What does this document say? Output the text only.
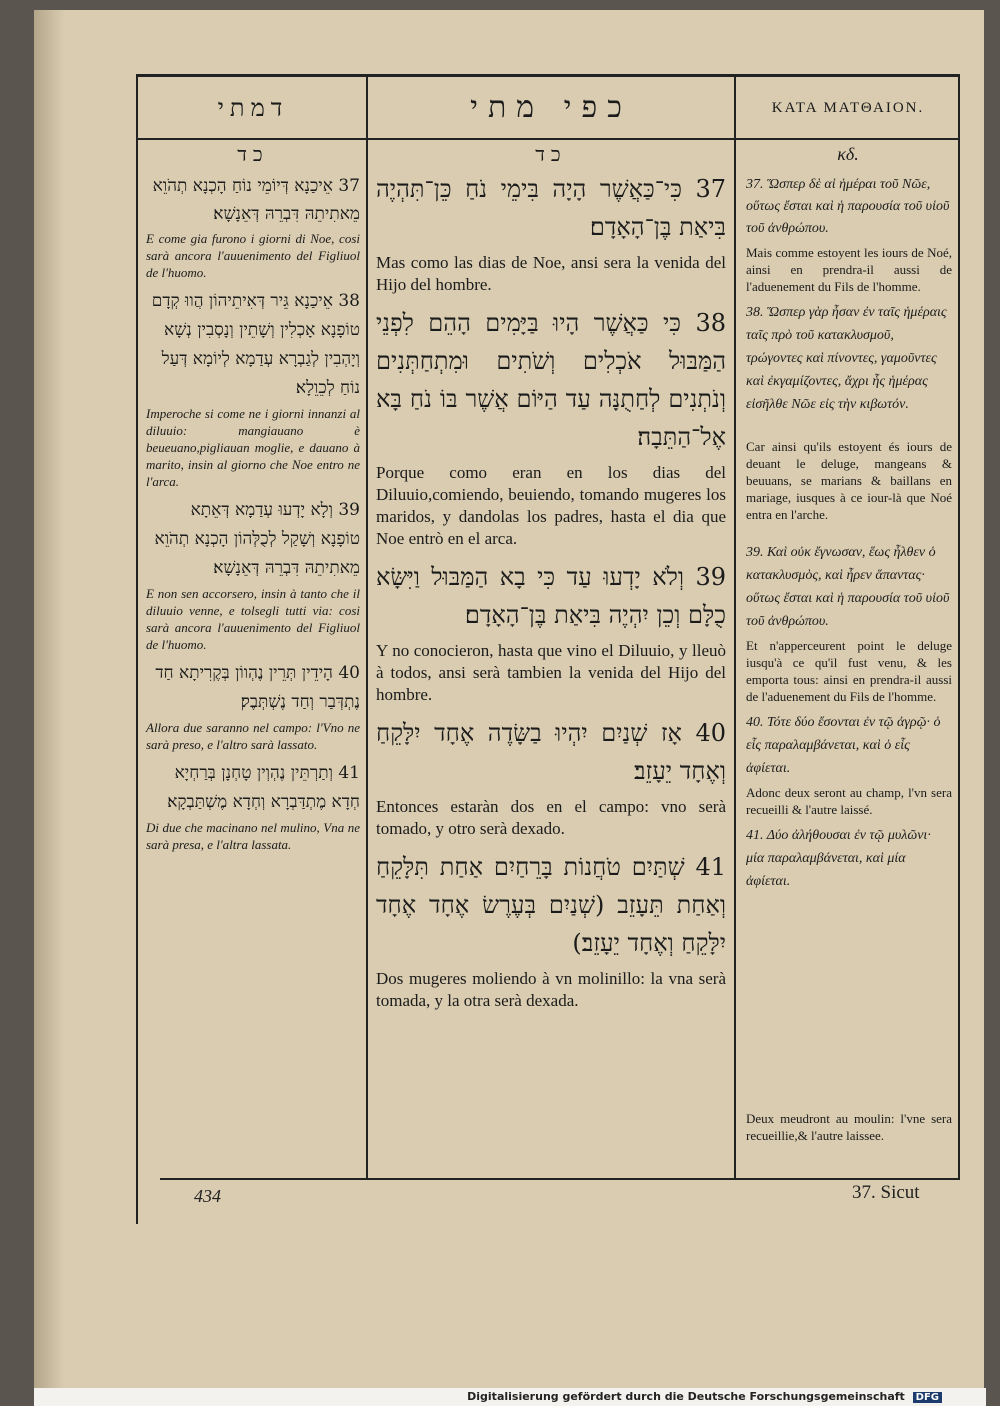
דמתי	כפי מתי	ΚΑΤΑ ΜΑΤΘΑΙΟΝ.
כד	כד	κδ.
37 אֵיכַנָא דְּיוֹמֵי נוֹחַ הָכְנָא תְהֹוֵא מֵאתִיתֵהּ דִּבְרֵהּ דְּאֵנָשָׁא׃
E come gia furono i giorni di Noe, cosi sarà ancora l'auuenimento del Figliuol de l'huomo.
38 אֵיכַנָא גֵּיר דְּאִיתֵיהוֹן הֲווּ קְדָם טוֹפָנָא אָכְלִין וְשָׁתֵין וְנָסְבִין נְשָׁא וְיָהְבִין לְגַבְרָא עְדַמָא לְיוֹמָא דְּעַל נוֹחַ לְכֵוֵלָא׃
Imperoche si come ne i giorni innanzi al diluuio: mangiauano è beueuano,pigliauan moglie, e dauano à marito, insin al giorno che Noe entro ne l'arca.
39 וְלָא יָדְעוּ עְדַמָא דְּאֵתָא טוֹפָנָא וְשָׁקַל לְכֻלְּהוֹן הָכְנָא תְהֹוֵא מֵאתִיתֵהּ דִּבְרֵהּ דְּאֵנָשָׁא׃
E non sen accorsero, insin à tanto che il diluuio venne, e tolsegli tutti via: cosi sarà ancora l'auuenimento del Figliuol de l'huomo.
40 הָידֵין תְּרֵין נֶהְווֹן בְּקֶרִיתָא חַד נֶתְדְּבַר וְחַד נֶשְׁתְּבֶק׃
Allora due saranno nel campo: l'Vno ne sarà preso, e l'altro sarà lassato.
41 וְתַרְתֵּין נֶהְוְין טָחְנָן בְּרַחְיָא חְדָא מֶתְדַּבְרָא וְחְדָא מֶשְׁתַּבְקָא׃
Di due che macinano nel mulino, Vna ne sarà presa, e l'altra lassata.
37 כִּי־כַּאֲשֶׁר הָיָה בִּימֵי נֹחַ כֵּן־תִּהְיֶה בִּיאַת בֶּן־הָאָדָם׃
Mas como las dias de Noe, ansi sera la venida del Hijo del hombre.
38 כִּי כַּאֲשֶׁר הָיוּ בַּיָּמִים הָהֵם לִפְנֵי הַמַּבּוּל אֹכְלִים וְשֹׁתִים וּמִתְחַתְּנִים וְנֹתְנִים לְחַתֻנָּה עַד הַיּוֹם אֲשֶׁר בּוֹ נֹחַ בָּא אֶל־הַתֵּבָה׃
Porque como eran en los dias del Diluuio,comiendo, beuiendo, tomando mugeres los maridos, y dandolas los padres, hasta el dia que Noe entrò en el arca.
39 וְלֹא יָדְעוּ עַד כִּי בָא הַמַּבּוּל וַיִּשָּׂא כֻלָּם וְכֵן יִהְיֶה בִּיאַת בֶּן־הָאָדָם׃
Y no conocieron, hasta que vino el Diluuio, y lleuò à todos, ansi serà tambien la venida del Hijo del hombre.
40 אָז שְׁנַיִם יִהְיוּ בַשָּׂדֶה אֶחָד יִלָּקֵחַ וְאֶחָד יֵעָזֵב׃
Entonces estaràn dos en el campo: vno serà tomado, y otro serà dexado.
41 שְׁתַּיִם טֹחֲנוֹת בָּרֵחַיִם אַחַת תִּלָּקֵחַ וְאַחַת תֵּעָזֵב (שְׁנַיִם בְּעֶרֶשׂ אֶחָד אֶחָד יִלָּקֵחַ וְאֶחָד יֵעָזֵב׃)
Dos mugeres moliendo à vn molinillo: la vna serà tomada, y la otra serà dexada.
37. Ὥσπερ δὲ αἱ ἡμέραι τοῦ Νῶε, οὕτως ἔσται καὶ ἡ παρουσία τοῦ υἱοῦ τοῦ ἀνθρώπου.
Mais comme estoyent les iours de Noé, ainsi en prendra-il aussi de l'aduenement du Fils de l'homme.
38. Ὥσπερ γὰρ ἦσαν ἐν ταῖς ἡμέραις ταῖς πρὸ τοῦ κατακλυσμοῦ, τρώγοντες καὶ πίνοντες, γαμοῦντες καὶ ἐκγαμίζοντες, ἄχρι ἧς ἡμέρας εἰσῆλθε Νῶε εἰς τὴν κιβωτόν.
Car ainsi qu'ils estoyent és iours de deuant le deluge, mangeans & beuuans, se marians & baillans en mariage, iusques à ce iour-là que Noé entra en l'arche.
39. Καὶ οὐκ ἔγνωσαν, ἕως ἦλθεν ὁ κατακλυσμὸς, καὶ ἦρεν ἅπαντας· οὕτως ἔσται καὶ ἡ παρουσία τοῦ υἱοῦ τοῦ ἀνθρώπου.
Et n'apperceurent point le deluge iusqu'à ce qu'il fust venu, & les emporta tous: ainsi en prendra-il aussi de l'aduenement du Fils de l'homme.
40. Τότε δύο ἔσονται ἐν τῷ ἀγρῷ· ὁ εἷς παραλαμβάνεται, καὶ ὁ εἷς ἀφίεται.
Adonc deux seront au champ, l'vn sera recueilli & l'autre laissé.
41. Δύο ἀλήθουσαι ἐν τῷ μυλῶνι· μία παραλαμβάνεται, καὶ μία ἀφίεται.
Deux meudront au moulin: l'vne sera recueillie,& l'autre laissee.
434	37. Sicut
Digitalisierung gefördert durch die Deutsche Forschungsgemeinschaft DFG
